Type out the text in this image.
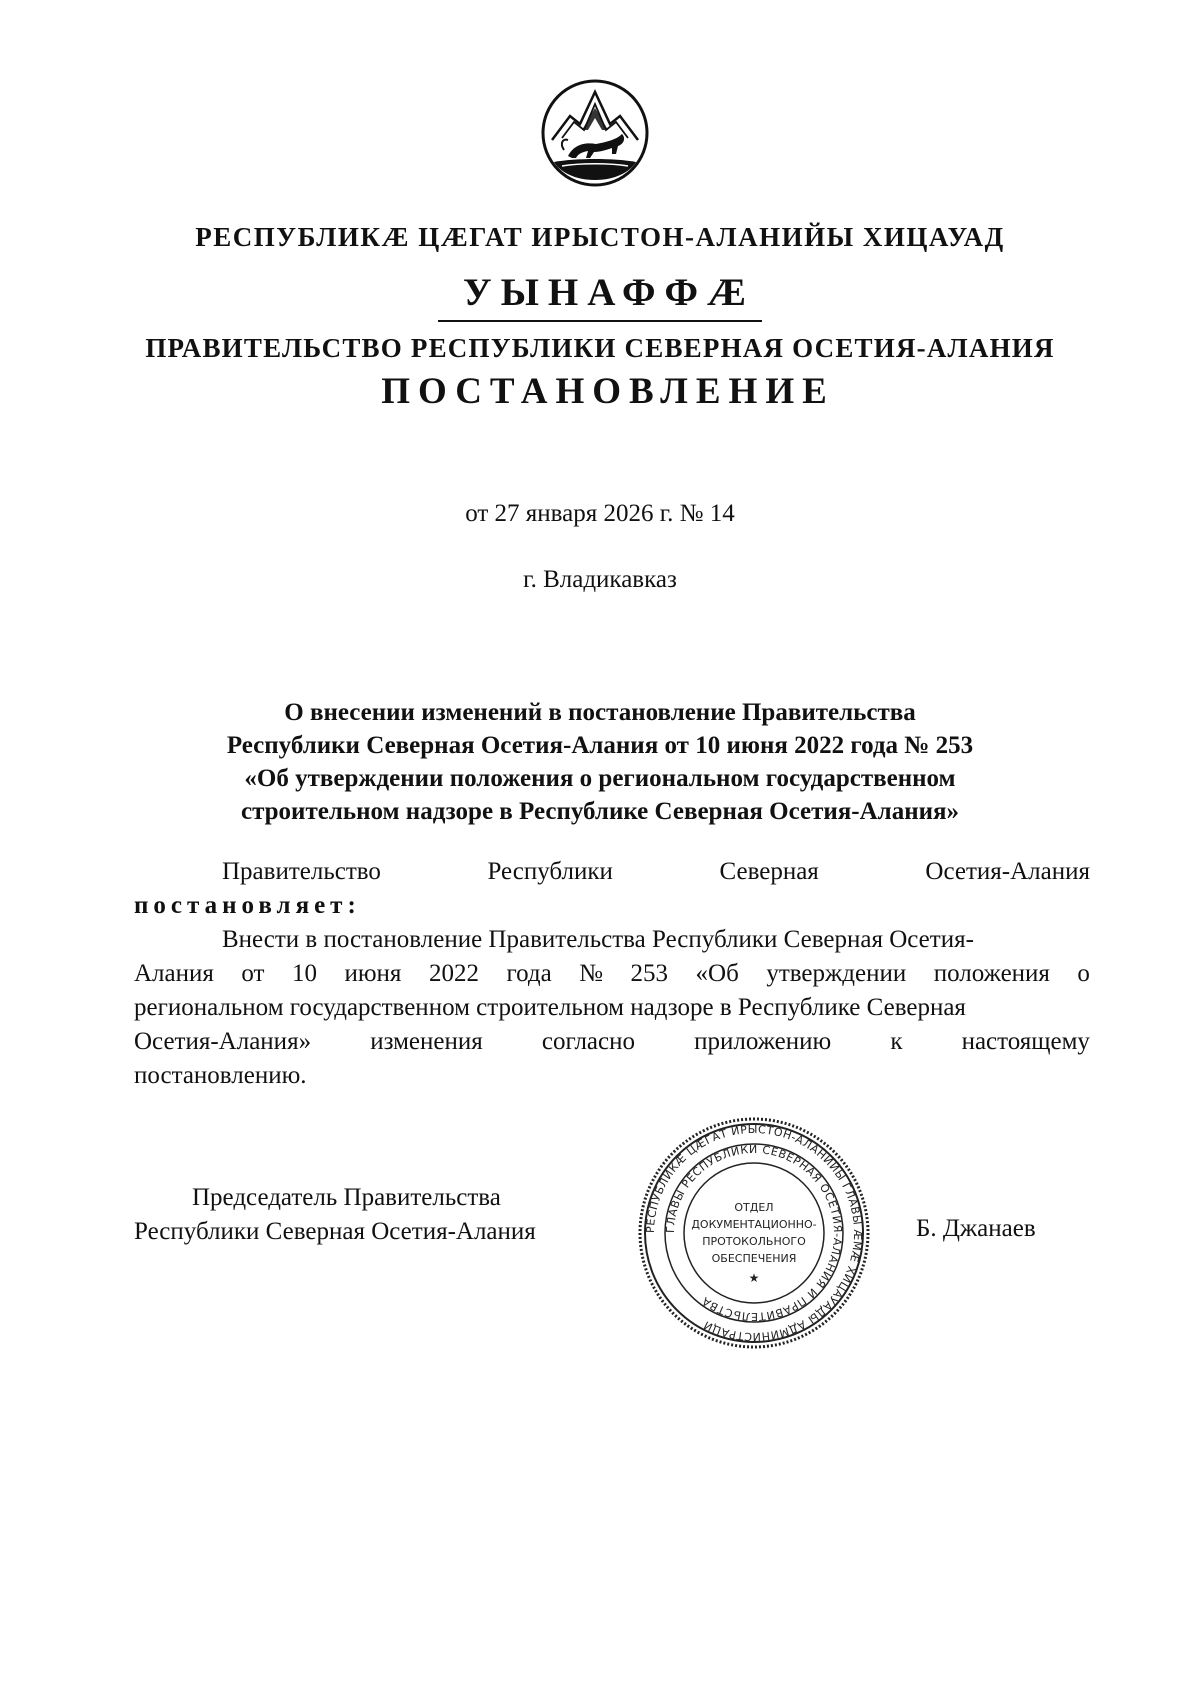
РЕСПУБЛИКӔ ЦӔГАТ ИРЫСТОН-АЛАНИЙЫ ХИЦАУАД
УЫНАФФӔ
ПРАВИТЕЛЬСТВО РЕСПУБЛИКИ СЕВЕРНАЯ ОСЕТИЯ-АЛАНИЯ
ПОСТАНОВЛЕНИЕ
от 27 января 2026 г. № 14
г. Владикавказ
О внесении изменений в постановление Правительства
Республики Северная Осетия-Алания от 10 июня 2022 года № 253
«Об утверждении положения о региональном государственном
строительном надзоре в Республике Северная Осетия-Алания»
Правительство	Республики	Северная	Осетия-Алания
постановляет:
Внести в постановление Правительства Республики Северная Осетия-
Алания от 10 июня 2022 года № 253 «Об утверждении положения о
региональном государственном строительном надзоре в Республике Северная
Осетия-Алания» изменения согласно приложению к настоящему
постановлению.
Председатель Правительства
Республики Северная Осетия-Алания	РЕСПУБЛИКӔ ЦӔГАТ ИРЫСТОН-АЛАНИЙЫ ГЛАВЫ ӔМӔ ХИЦАУАДЫ АДМИНИСТРАЦИ
ГЛАВЫ РЕСПУБЛИКИ СЕВЕРНАЯ ОСЕТИЯ-АЛАНИЯ И ПРАВИТЕЛЬСТВА
ОТДЕЛ
ДОКУМЕНТАЦИОННО-
ПРОТОКОЛЬНОГО
ОБЕСПЕЧЕНИЯ
★
Б. Джанаев
